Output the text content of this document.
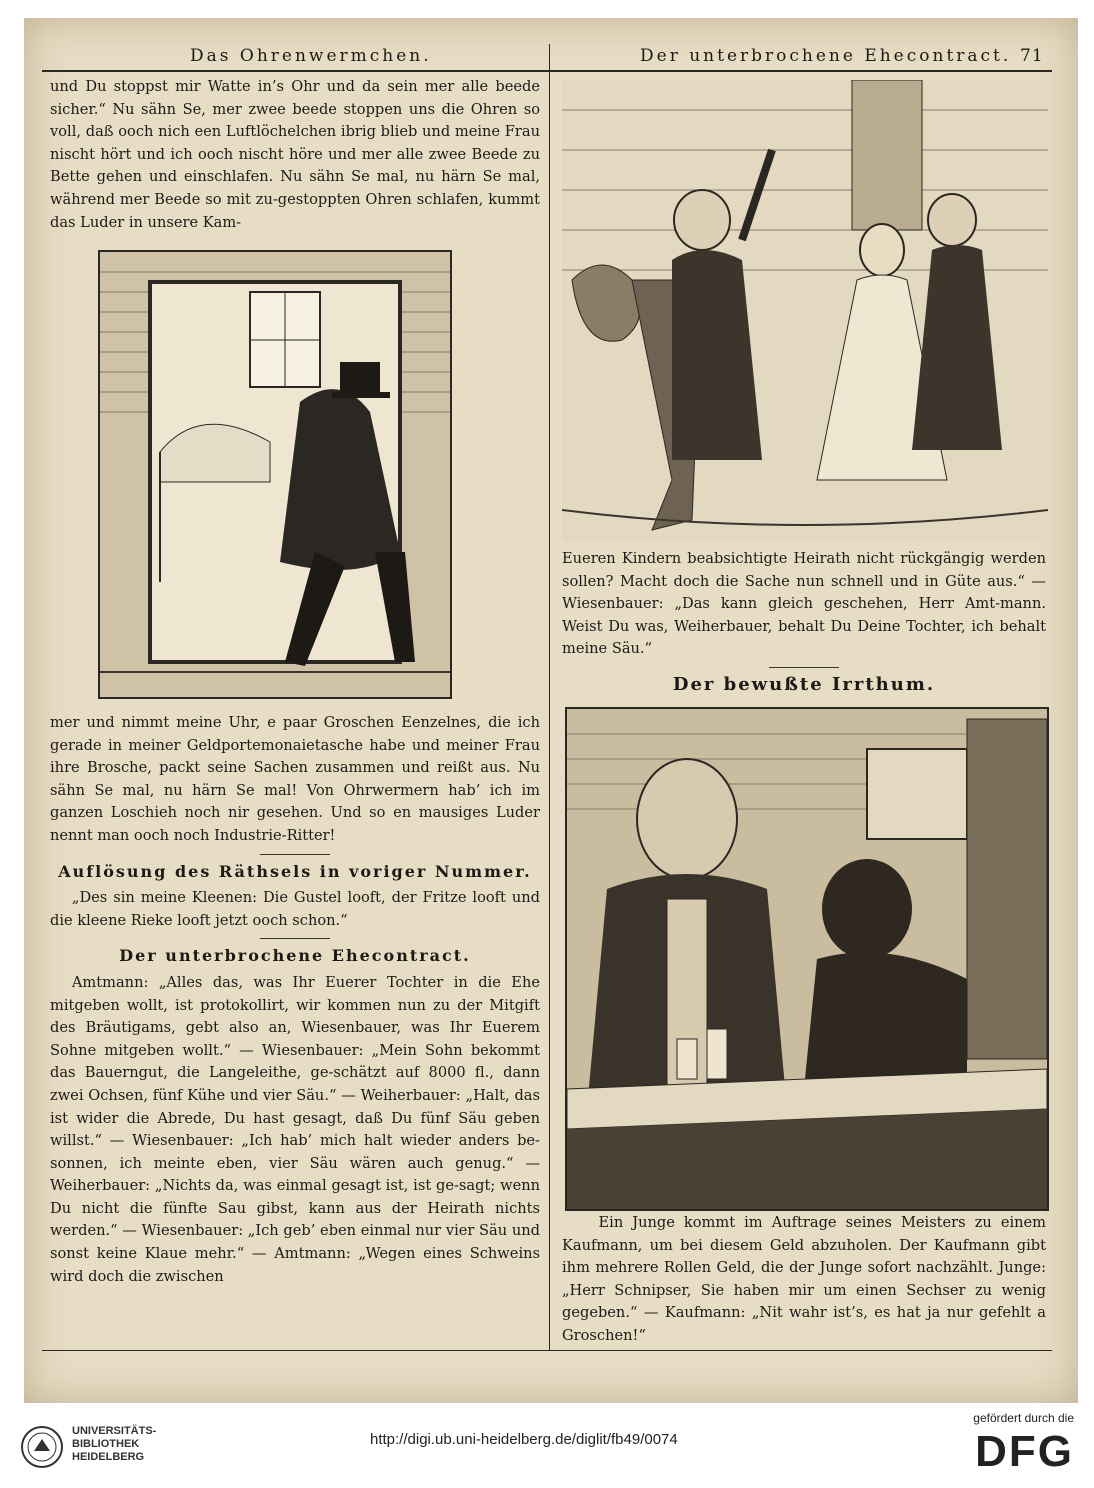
Das Ohrenwermchen.	Der unterbrochene Ehecontract. 71

und Du stoppst mir Watte in’s Ohr und da sein mer alle beede sicher.“ Nu sähn Se, mer zwee beede stoppen uns die Ohren so voll, daß ooch nich een Luftlöchelchen ibrig blieb und meine Frau nischt hört und ich ooch nischt höre und mer alle zwee Beede zu Bette gehen und einschlafen. Nu sähn Se mal, nu härn Se mal, während mer Beede so mit zu-gestoppten Ohren schlafen, kummt das Luder in unsere Kam-

mer und nimmt meine Uhr, e paar Groschen Eenzelnes, die ich gerade in meiner Geldportemonaietasche habe und meiner Frau ihre Brosche, packt seine Sachen zusammen und reißt aus. Nu sähn Se mal, nu härn Se mal! Von Ohrwermern hab’ ich im ganzen Loschieh noch nir gesehen. Und so en mausiges Luder nennt man ooch noch Industrie-Ritter!

Auflösung des Räthsels in voriger Nummer.

„Des sin meine Kleenen: Die Gustel looft, der Fritze looft und die kleene Rieke looft jetzt ooch schon.“

Der unterbrochene Ehecontract.

Amtmann: „Alles das, was Ihr Euerer Tochter in die Ehe mitgeben wollt, ist protokollirt, wir kommen nun zu der Mitgift des Bräutigams, gebt also an, Wiesenbauer, was Ihr Euerem Sohne mitgeben wollt.“ — Wiesenbauer: „Mein Sohn bekommt das Bauerngut, die Langeleithe, ge-schätzt auf 8000 fl., dann zwei Ochsen, fünf Kühe und vier Säu.“ — Weiherbauer: „Halt, das ist wider die Abrede, Du hast gesagt, daß Du fünf Säu geben willst.“ — Wiesenbauer: „Ich hab’ mich halt wieder anders be-sonnen, ich meinte eben, vier Säu wären auch genug.“ — Weiherbauer: „Nichts da, was einmal gesagt ist, ist ge-sagt; wenn Du nicht die fünfte Sau gibst, kann aus der Heirath nichts werden.“ — Wiesenbauer: „Ich geb’ eben einmal nur vier Säu und sonst keine Klaue mehr.“ — Amtmann: „Wegen eines Schweins wird doch die zwischen

Eueren Kindern beabsichtigte Heirath nicht rückgängig werden sollen? Macht doch die Sache nun schnell und in Güte aus.“ — Wiesenbauer: „Das kann gleich geschehen, Herr Amt-mann. Weist Du was, Weiherbauer, behalt Du Deine Tochter, ich behalt meine Säu.“

Der bewußte Irrthum.
Ein Junge kommt im Auftrage seines Meisters zu einem Kaufmann, um bei diesem Geld abzuholen. Der Kaufmann gibt ihm mehrere Rollen Geld, die der Junge sofort nachzählt. Junge: „Herr Schnipser, Sie haben mir um einen Sechser zu wenig gegeben.“ — Kaufmann: „Nit wahr ist’s, es hat ja nur gefehlt a Groschen!“
UNIVERSITÄTS-
BIBLIOTHEK
HEIDELBERG
http://digi.ub.uni-heidelberg.de/diglit/fb49/0074
gefördert durch die
DFG
